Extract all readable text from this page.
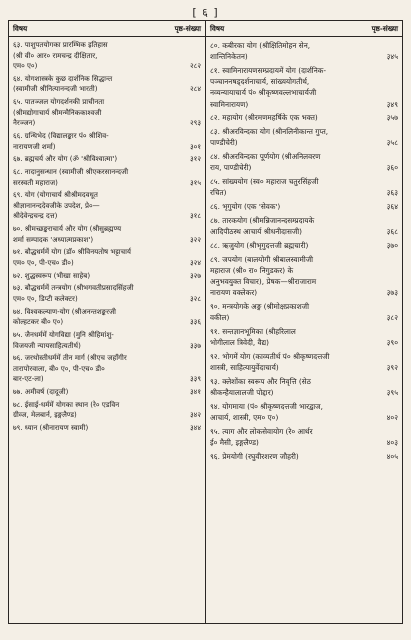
[ ६ ]
विषय	पृष्ठ-संख्या
६३. पाशुपतयोगका प्रारम्भिक इतिहास
(श्री वी० आर० रामचन्द्र दीक्षितार,
एम० ए०)	२८२
६४. योगशास्त्रके कुछ दार्शनिक सिद्धान्त
(स्वामीजी श्रीनित्यानन्दजी भारती)	२८४
६५. पातञ्जल योगदर्शनकी प्राचीनता
(श्रीमद्योगाचार्य श्रीमन्मैनिककाश्वजी
नैरञ्जन)	२९३
६६. ग्रन्थिभेद (विद्यालङ्कार पं० श्रीशिव-
नारायणजी शर्मा)	३०१
६७. ब्रह्मचर्य और योग (ॐ 'श्रीविश्वात्मा')	३१२
६८. नादानुसन्धान (स्वामीजी श्रीएकरसानन्दजी
सरस्वती महाराज)	३१५
६९. योग (योगाचार्य श्रीश्रीमदवधूत
श्रीज्ञानानन्ददेवजीके उपदेश, प्रे०—
श्रीदेवेन्द्रचन्द्र दत्त)	३१८
७०. श्रीमच्छङ्कराचार्य और योग (श्रीसुब्रह्मण्य
शर्मा सम्पादक 'अध्यात्मप्रकाश')	३२२
७१. बौद्धधर्ममें योग (डॉ० श्रीविनयतोष भट्टाचार्य
एम० ए०, पी-एच० डी०)	३२४
७२. शुद्धस्वरूप (भीखा साहेब)	३२७
७३. बौद्धधर्ममें तन्त्रयोग (श्रीभगवतीप्रसादसिंहजी
एम० ए०, डिप्टी कलेक्टर)	३२८
७४. विश्वकल्याण-योग (श्रीअनन्तशङ्करजी
कोल्हटकर बी० ए०)	३३६
७५. जैनधर्ममें योगविद्या (मुनि श्रीहिमांशु-
विजयजी न्यायसाहित्यतीर्थ)	३३७
७६. जरथोस्तीधर्ममें तीन मार्ग (श्रीएच जहाँगीर
तारापोरवाला, बी० ए०, पी-एच० डी०
बार-एट-ला)	३३९
७७. अमीवर्ष (दादूजी)	३४१
७८. ईसाई-धर्ममें योगका स्थान (रे० एडविन
ग्रीव्ज, मेलबार्न, इङ्गलैण्ड)	३४२
७९. ध्यान (श्रीनारायण स्वामी)	३४४
विषय	पृष्ठ-संख्या
८०. कबीरका योग (श्रीक्षितिमोहन सेन,
शान्तिनिकेतन)	३४५
८१. स्वामिनारायणसम्प्रदायमें योग (दार्शनिक-
पञ्चाननषड्दर्शनाचार्य, सांख्ययोगतीर्थ,
नव्यन्यायाचार्य पं० श्रीकृष्णवल्लभाचार्यजी
स्वामिनारायण)	३४९
८२. महायोग (श्रीरमणमहर्षिके एक भक्त)	३५७
८३. श्रीअरविन्दका योग (श्रीनलिनीकान्त गुप्त,
पाण्डीचेरी)	३५८
८४. श्रीअरविन्दका पूर्णयोग (श्रीअनिलवरण
राय, पाण्डीचेरी)	३६०
८५. सांख्ययोग (स्व० महाराज चतुरसिंहजी
रचित)	३६३
८६. भृगुयोग (एक 'सेवक')	३६४
८७. तारकयोग (श्रीमन्निजानन्दसम्प्रदायके
आदिपीठस्थ आचार्य श्रीधनीदासजी)	३६८
८८. ऋजुयोग (श्रीभृगुदत्तजी ब्रह्मचारी)	३७०
८९. जपयोग (बालयोगी श्रीबालस्वामीजी
महाराज (श्री० रा० निगुडकर) के
अनुभवयुक्त विचार), प्रेषक—श्रीराजाराम
नारायण वक्लेकर)	३७३
९०. मन्त्रयोगके अङ्ग (श्रीमोक्षप्रकाशजी
वकील)	३८२
९१. सन्तज्ञानभूमिका (श्रीहरिलाल
भोगीलाल त्रिवेदी, वैद्य)	३९०
९२. भोगमें योग (काव्यतीर्थ पं० श्रीकृष्णदत्तजी
शास्त्री, साहित्यायुर्वेदाचार्य)	३९२
९३. क्लेशोंका स्वरूप और निवृत्ति (सेठ
श्रीकन्हैयालालजी पोद्दार)	३९५
९४. योगमाया (पं० श्रीकृष्णदत्तजी भारद्वाज,
आचार्य, शास्त्री, एम० ए०)	४०२
९५. त्याग और लोकसेवायोग (रे० आर्थर
ई० मैसी, इङ्गलैण्ड)	४०३
९६. प्रेमयोगी (रघुवीरशरण जौहरी)	४०५
